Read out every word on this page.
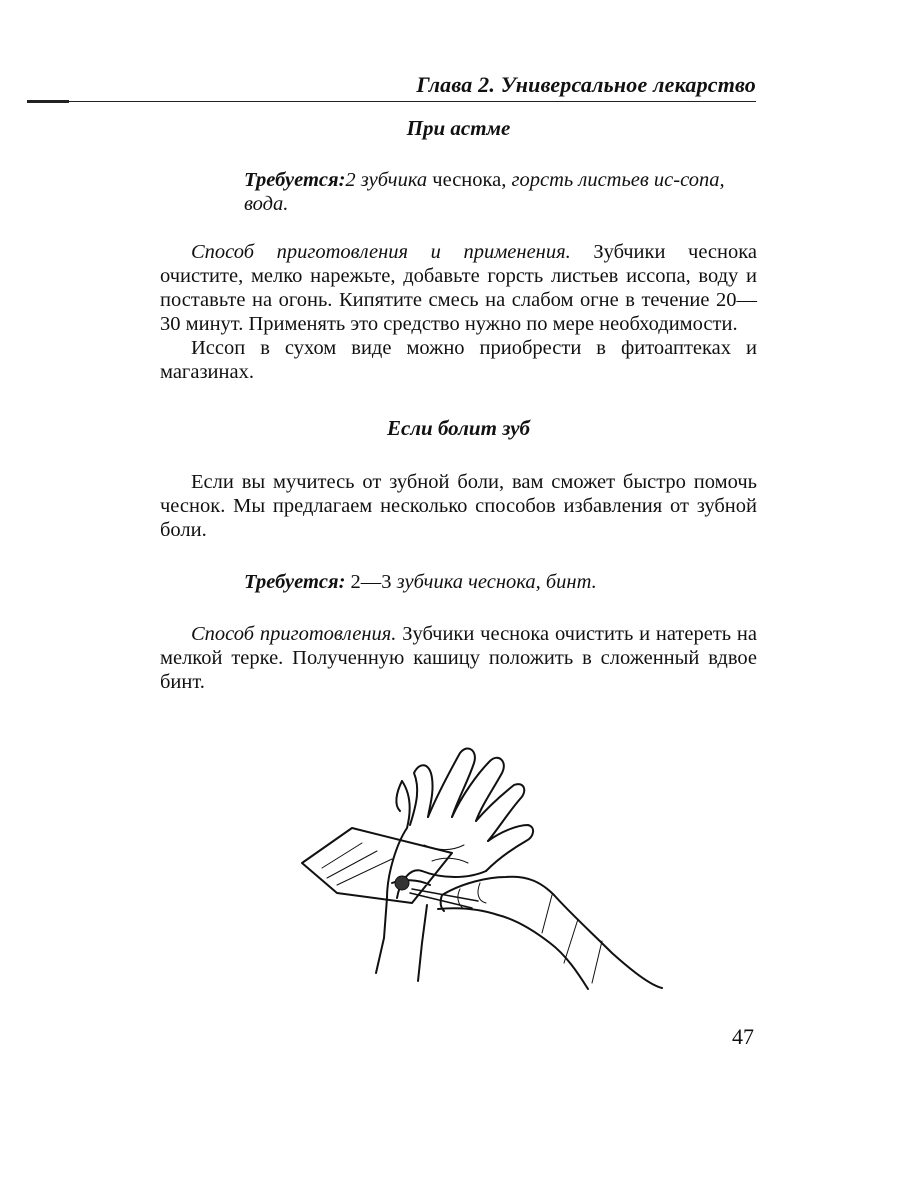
Глава 2. Универсальное лекарство
При астме

Требуется:2 зубчика чеснока, горсть листьев ис-сопа, вода.

Способ приготовления и применения. Зубчики чеснока очистите, мелко нарежьте, добавьте горсть листьев иссопа, воду и поставьте на огонь. Кипятите смесь на слабом огне в течение 20—30 минут. Применять это средство нужно по мере необходимости.

Иссоп в сухом виде можно приобрести в фитоаптеках и магазинах.

Если болит зуб

Если вы мучитесь от зубной боли, вам сможет быстро помочь чеснок. Мы предлагаем несколько способов избавления от зубной боли.

Требуется: 2—3 зубчика чеснока, бинт.

Способ приготовления. Зубчики чеснока очистить и натереть на мелкой терке. Полученную кашицу положить в сложенный вдвое бинт.

47
